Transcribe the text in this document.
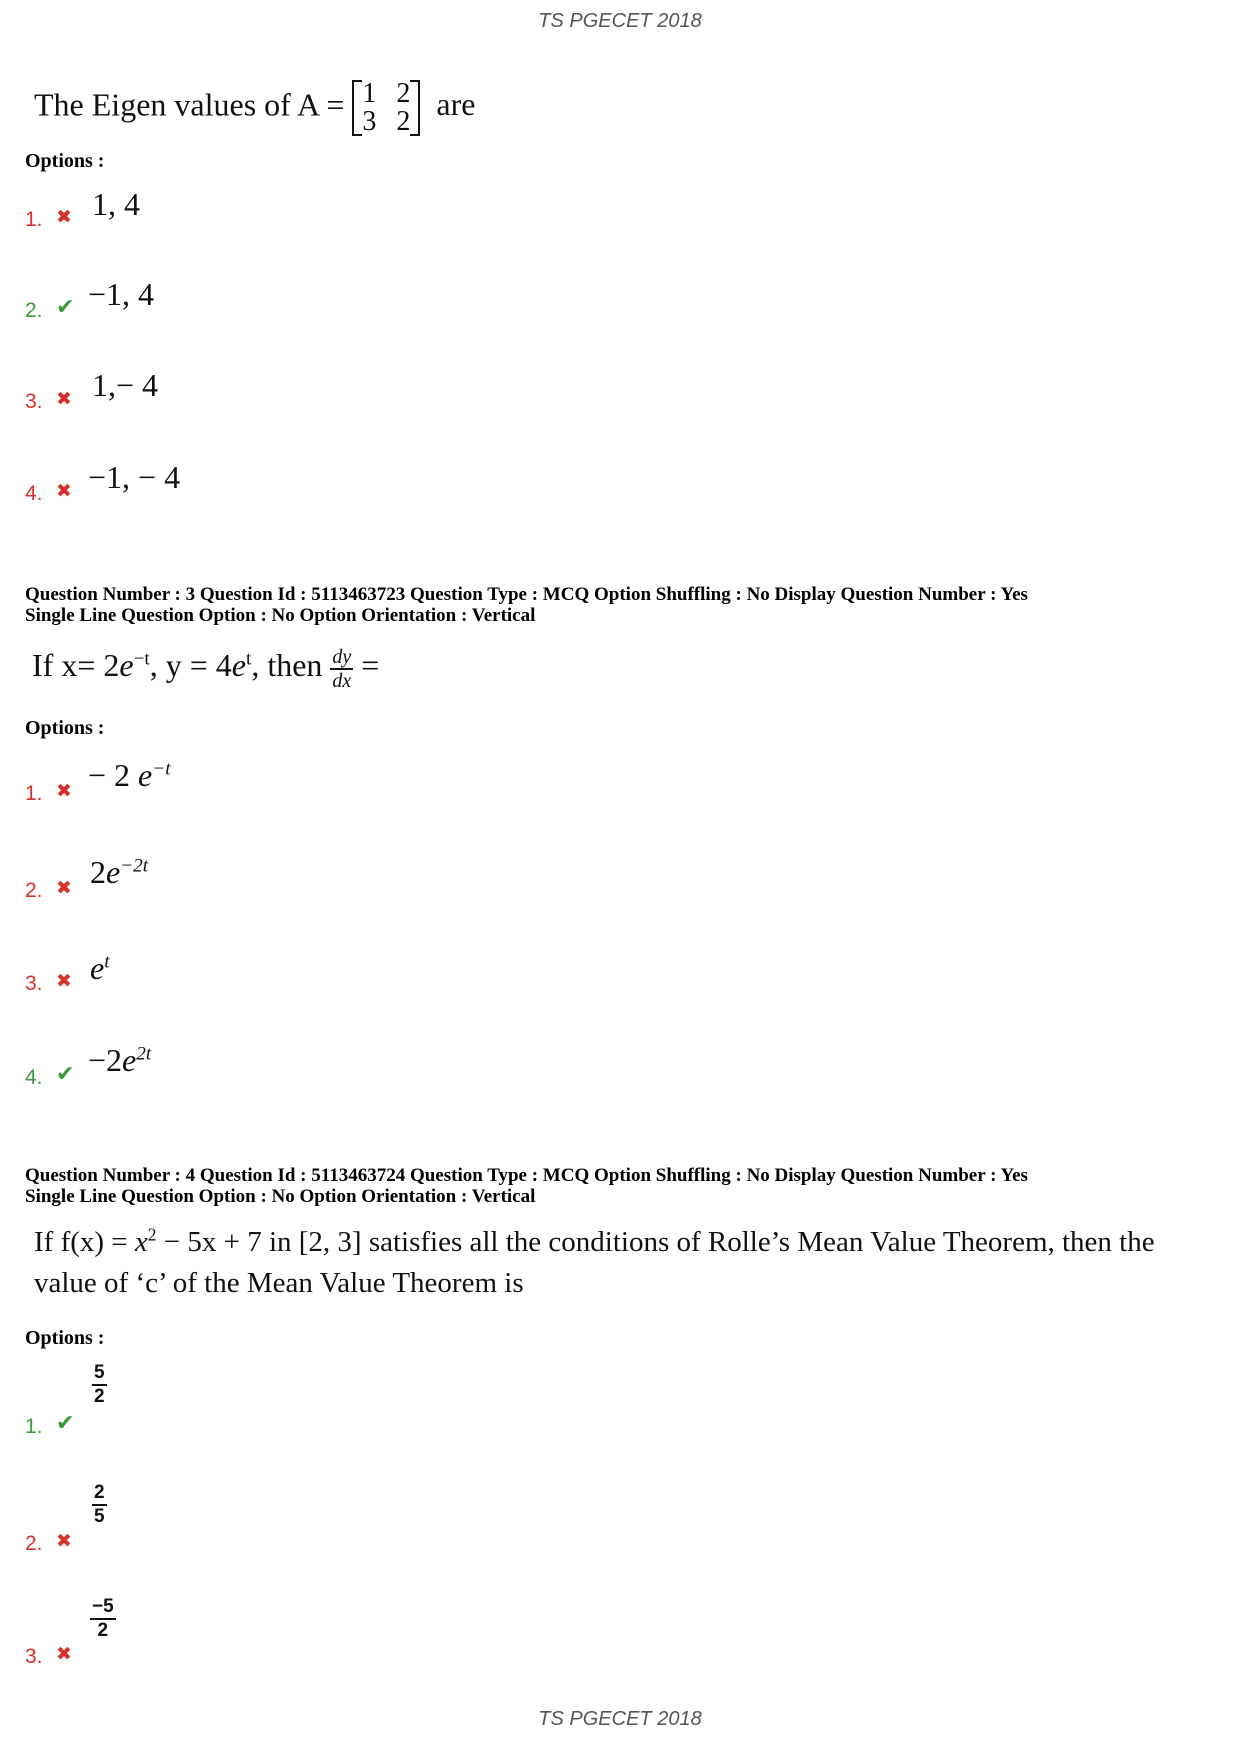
TS PGECET 2018
The Eigen values of A = 1	2
3	2 are
Options :
1. ✖ 1, 4
2. ✔ −1, 4
3. ✖ 1,− 4
4. ✖ −1, − 4
Question Number : 3 Question Id : 5113463723 Question Type : MCQ Option Shuffling : No Display Question Number : Yes
Single Line Question Option : No Option Orientation : Vertical
If $x= 2e^{-t}$, $y = 4e^t$, then $\frac{dy}{dx}$ =
Options :
1. ✖ − 2 $e^{-t}$
2. ✖ $2e^{-2t}$
3. ✖ $e^t$
4. ✔ $-2e^{2t}$
Question Number : 4 Question Id : 5113463724 Question Type : MCQ Option Shuffling : No Display Question Number : Yes
Single Line Question Option : No Option Orientation : Vertical
If $f(x) = x^2 - 5x + 7$ in [2, 3] satisfies all the conditions of Rolle’s Mean Value Theorem, then the
value of ‘c’ of the Mean Value Theorem is
Options :
1. ✔
$\frac{5}{2}$
2. ✖
$\frac{2}{5}$
3. ✖
$\frac{-5}{2}$
TS PGECET 2018
